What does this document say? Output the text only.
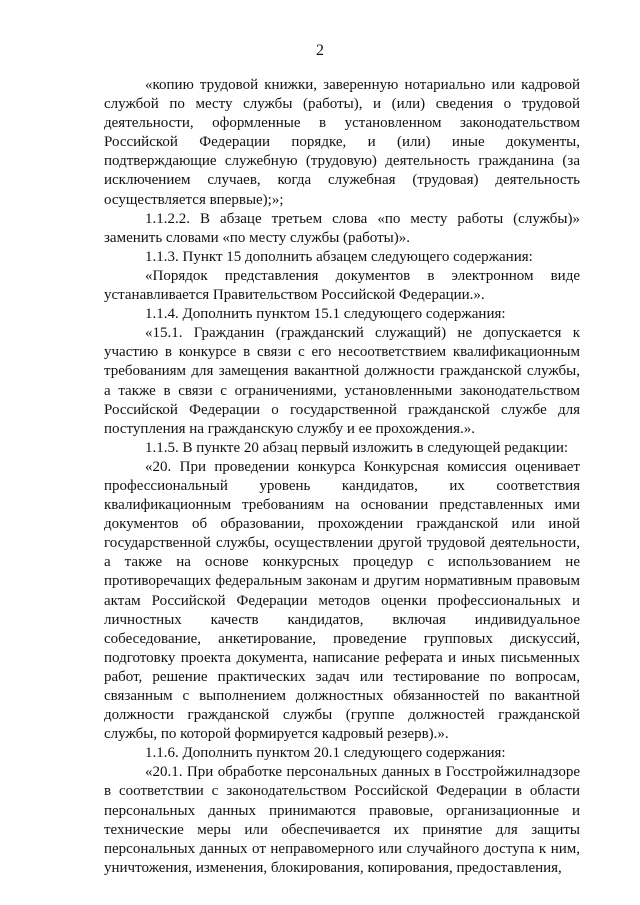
2

«копию трудовой книжки, заверенную нотариально или кадровой службой по месту службы (работы), и (или) сведения о трудовой деятельности, оформленные в установленном законодательством Российской Федерации порядке, и (или) иные документы, подтверждающие служебную (трудовую) деятельность гражданина (за исключением случаев, когда служебная (трудовая) деятельность осуществляется впервые);»;

1.1.2.2. В абзаце третьем слова «по месту работы (службы)» заменить словами «по месту службы (работы)».

1.1.3. Пункт 15 дополнить абзацем следующего содержания:

«Порядок представления документов в электронном виде устанавливается Правительством Российской Федерации.».

1.1.4. Дополнить пунктом 15.1 следующего содержания:

«15.1. Гражданин (гражданский служащий) не допускается к участию в конкурсе в связи с его несоответствием квалификационным требованиям для замещения вакантной должности гражданской службы, а также в связи с ограничениями, установленными законодательством Российской Федерации о государственной гражданской службе для поступления на гражданскую службу и ее прохождения.».

1.1.5. В пункте 20 абзац первый изложить в следующей редакции:

«20. При проведении конкурса Конкурсная комиссия оценивает профессиональный уровень кандидатов, их соответствия квалификационным требованиям на основании представленных ими документов об образовании, прохождении гражданской или иной государственной службы, осуществлении другой трудовой деятельности, а также на основе конкурсных процедур с использованием не противоречащих федеральным законам и другим нормативным правовым актам Российской Федерации методов оценки профессиональных и личностных качеств кандидатов, включая индивидуальное собеседование, анкетирование, проведение групповых дискуссий, подготовку проекта документа, написание реферата и иных письменных работ, решение практических задач или тестирование по вопросам, связанным с выполнением должностных обязанностей по вакантной должности гражданской службы (группе должностей гражданской службы, по которой формируется кадровый резерв).».

1.1.6. Дополнить пунктом 20.1 следующего содержания:

«20.1. При обработке персональных данных в Госстройжилнадзоре в соответствии с законодательством Российской Федерации в области персональных данных принимаются правовые, организационные и технические меры или обеспечивается их принятие для защиты персональных данных от неправомерного или случайного доступа к ним, уничтожения, изменения, блокирования, копирования, предоставления,
